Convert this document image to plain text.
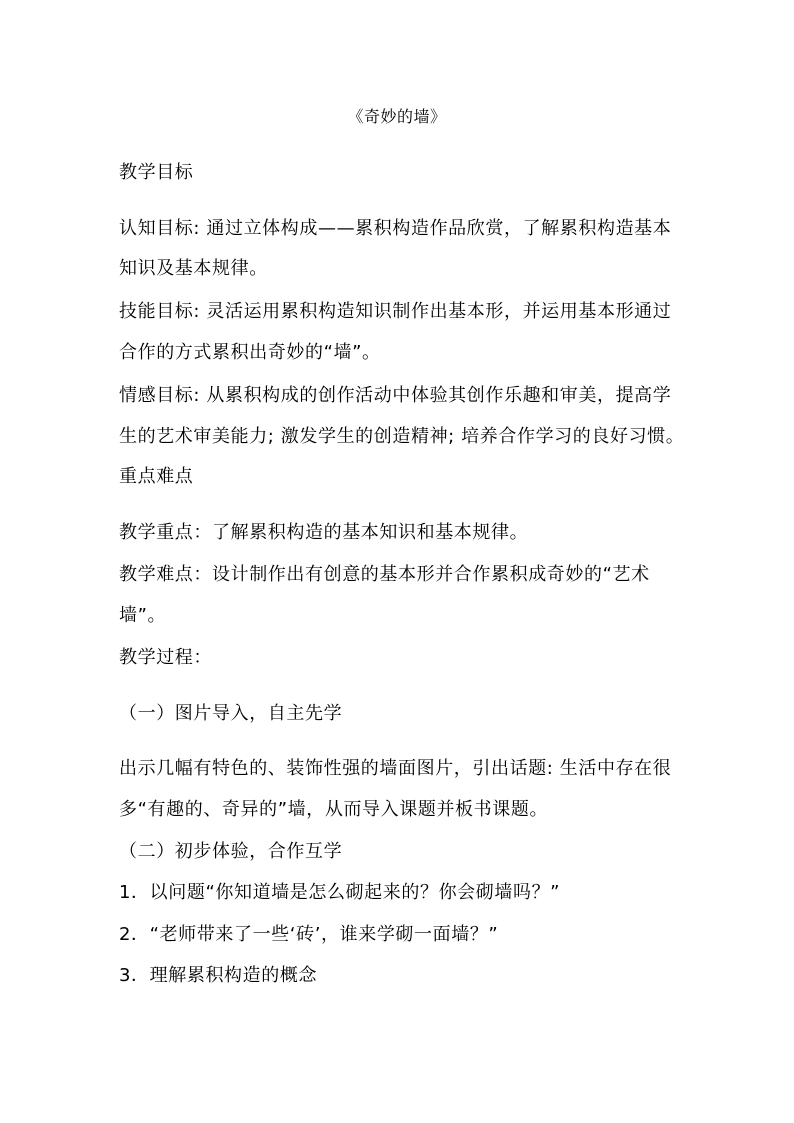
《奇妙的墙》
教学目标
认知目标: 通过立体构成——累积构造作品欣赏，了解累积构造基本
知识及基本规律。
技能目标: 灵活运用累积构造知识制作出基本形，并运用基本形通过
合作的方式累积出奇妙的“墙”。
情感目标: 从累积构成的创作活动中体验其创作乐趣和审美，提高学
生的艺术审美能力; 激发学生的创造精神; 培养合作学习的良好习惯。
重点难点
教学重点：了解累积构造的基本知识和基本规律。
教学难点：设计制作出有创意的基本形并合作累积成奇妙的“艺术
墙”。
教学过程：
（一）图片导入，自主先学
出示几幅有特色的、装饰性强的墙面图片，引出话题: 生活中存在很
多“有趣的、奇异的”墙，从而导入课题并板书课题。
（二）初步体验，合作互学
1．以问题“你知道墙是怎么砌起来的？你会砌墙吗？”
2．“老师带来了一些‘砖’，谁来学砌一面墙？”
3．理解累积构造的概念
